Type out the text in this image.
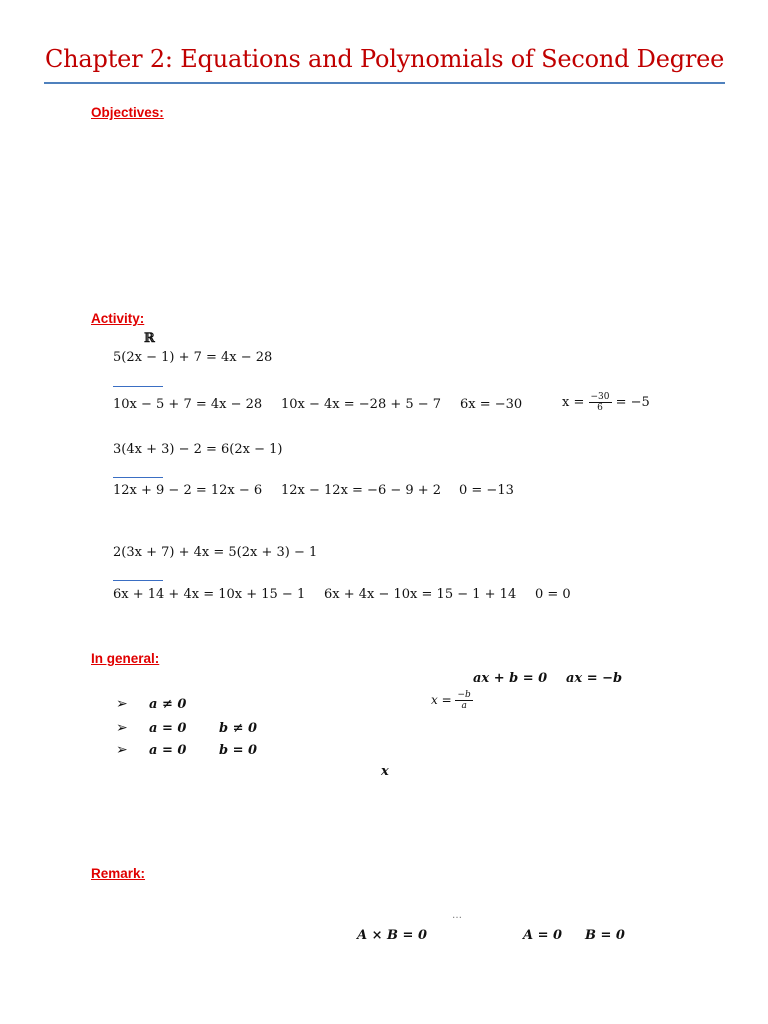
Chapter 2: Equations and Polynomials of Second Degree
Objectives:
Activity:
ℝ
5(2x − 1) + 7 = 4x − 28
10x − 5 + 7 = 4x − 28 10x − 4x = −28 + 5 − 7 6x = −30	$x = \frac{-30}{6} = -5$
3(4x + 3) − 2 = 6(2x − 1)
12x + 9 − 2 = 12x − 6 12x − 12x = −6 − 9 + 2 0 = −13
2(3x + 7) + 4x = 5(2x + 3) − 1
6x + 14 + 4x = 10x + 15 − 1 6x + 4x − 10x = 15 − 1 + 14 0 = 0
In general:
ax + b = 0 ax = −b
➢ a ≠ 0	$x = \frac{-b}{a}$
➢ a = 0	b ≠ 0
➢ a = 0	b = 0
x
Remark:
…
A × B = 0	A = 0 B = 0
